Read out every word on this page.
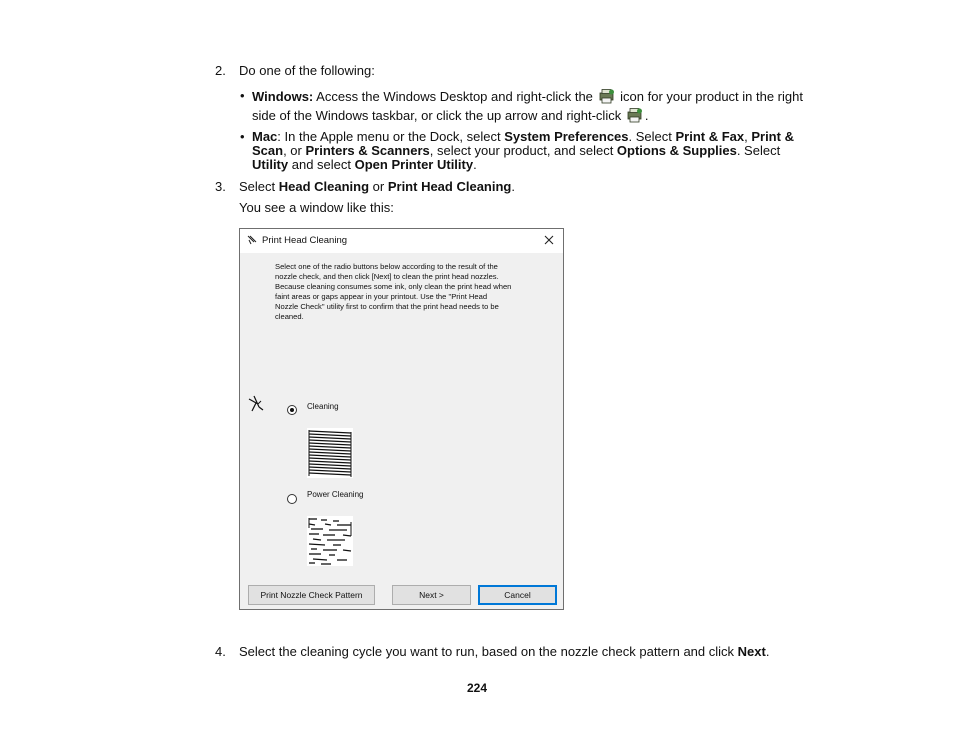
2. Do one of the following:
• Windows: Access the Windows Desktop and right-click the icon for your product in the right
side of the Windows taskbar, or click the up arrow and right-click .
• Mac: In the Apple menu or the Dock, select System Preferences. Select Print & Fax, Print &
Scan, or Printers & Scanners, select your product, and select Options & Supplies. Select
Utility and select Open Printer Utility.
3. Select Head Cleaning or Print Head Cleaning.
You see a window like this:
Print Head Cleaning
Select one of the radio buttons below according to the result of the
nozzle check, and then click [Next] to clean the print head nozzles.
Because cleaning consumes some ink, only clean the print head when
faint areas or gaps appear in your printout. Use the "Print Head
Nozzle Check" utility first to confirm that the print head needs to be
cleaned.
Cleaning
Power Cleaning
Print Nozzle Check Pattern	Next >	Cancel
4. Select the cleaning cycle you want to run, based on the nozzle check pattern and click Next.
224
